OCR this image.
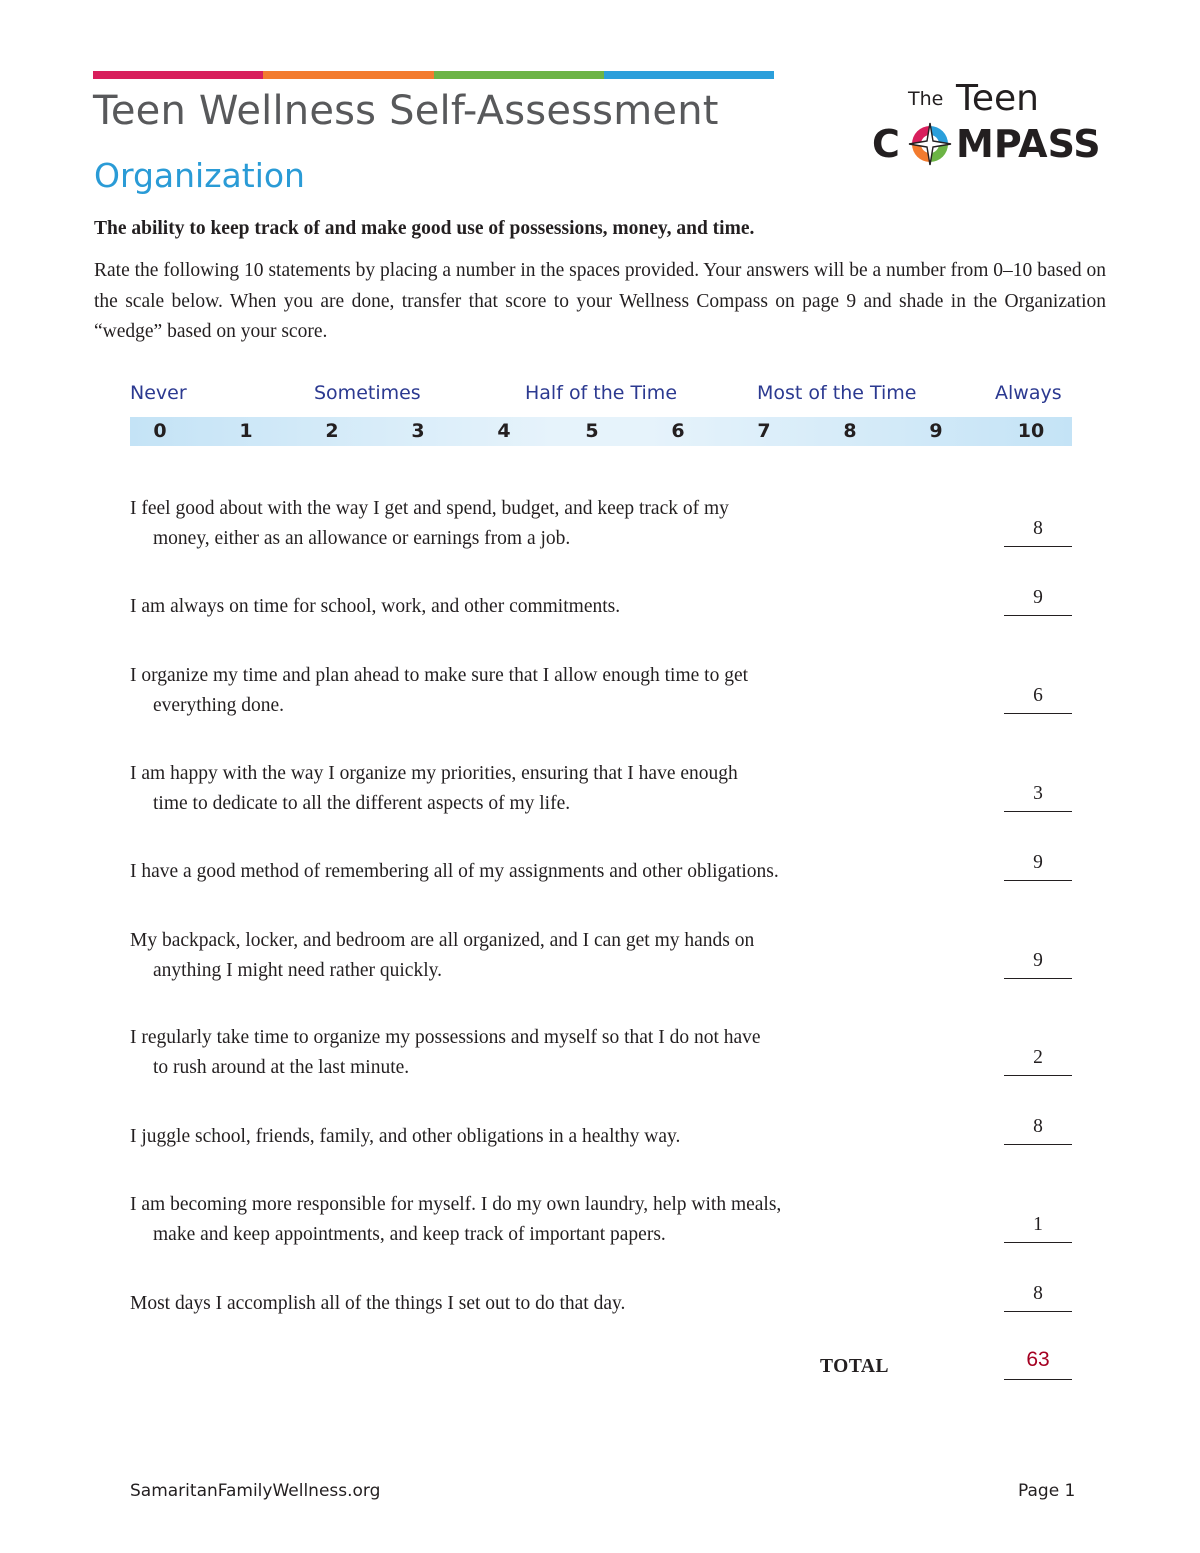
Teen Wellness Self-Assessment
Organization
The Teen
C MPASS
The ability to keep track of and make good use of possessions, money, and time.
Rate the following 10 statements by placing a number in the spaces provided. Your answers will be a number from 0–10 based on the scale below. When you are done, transfer that score to your Wellness Compass on page 9 and shade in the Organization “wedge” based on your score.
Never	Sometimes	Half of the Time	Most of the Time	Always
0	1	2	3	4	5	6	7	8	9	10
I feel good about with the way I get and spend, budget, and keep track of my
money, either as an allowance or earnings from a job.	8
I am always on time for school, work, and other commitments.	9
I organize my time and plan ahead to make sure that I allow enough time to get
everything done.	6
I am happy with the way I organize my priorities, ensuring that I have enough
time to dedicate to all the different aspects of my life.	3
I have a good method of remembering all of my assignments and other obligations.	9
My backpack, locker, and bedroom are all organized, and I can get my hands on
anything I might need rather quickly.	9
I regularly take time to organize my possessions and myself so that I do not have
to rush around at the last minute.	2
I juggle school, friends, family, and other obligations in a healthy way.	8
I am becoming more responsible for myself. I do my own laundry, help with meals,
make and keep appointments, and keep track of important papers.	1
Most days I accomplish all of the things I set out to do that day.	8
TOTAL	63
SamaritanFamilyWellness.org	Page 1
